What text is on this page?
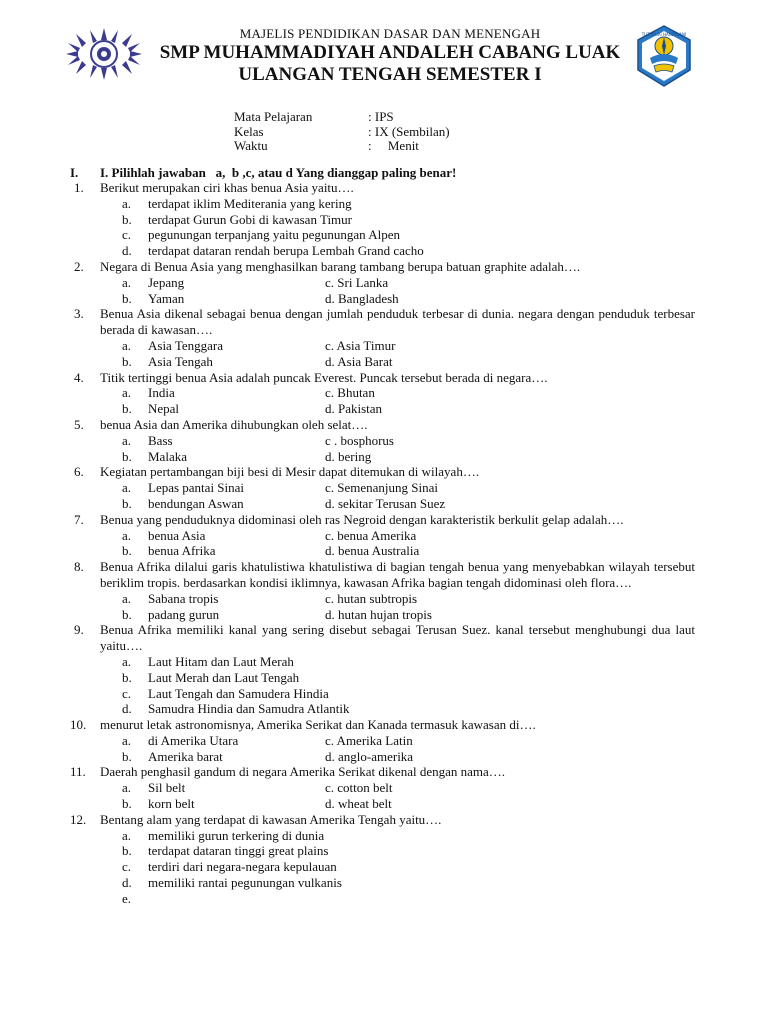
MAJELIS PENDIDIKAN DASAR DAN MENENGAH
SMP MUHAMMADIYAH ANDALEH CABANG LUAK
ULANGAN TENGAH SEMESTER I
TUT WURI HANDAYANI
Mata Pelajaran	: IPS
Kelas	: IX (Sembilan)
Waktu	:     Menit
I. I. Pilihlah jawaban   a,  b ,c, atau d Yang dianggap paling benar!
1. Berikut merupakan ciri khas benua Asia yaitu….
a. terdapat iklim Mediterania yang kering
b. terdapat Gurun Gobi di kawasan Timur
c. pegunungan terpanjang yaitu pegunungan Alpen
d. terdapat dataran rendah berupa Lembah Grand cacho
2. Negara di Benua Asia yang menghasilkan barang tambang berupa batuan graphite adalah….
a. Jepang	c. Sri Lanka
b. Yaman	d. Bangladesh
3. Benua Asia dikenal sebagai benua dengan jumlah penduduk terbesar di dunia. negara dengan penduduk terbesar berada di kawasan….
a. Asia Tenggara	c. Asia Timur
b. Asia Tengah	d. Asia Barat
4. Titik tertinggi benua Asia adalah puncak Everest. Puncak tersebut berada di negara….
a. India	c. Bhutan
b. Nepal	d. Pakistan
5. benua Asia dan Amerika dihubungkan oleh selat….
a. Bass	c . bosphorus
b. Malaka	d. bering
6. Kegiatan pertambangan biji besi di Mesir dapat ditemukan di wilayah….
a. Lepas pantai Sinai	c. Semenanjung Sinai
b. bendungan Aswan	d. sekitar Terusan Suez
7. Benua yang penduduknya didominasi oleh ras Negroid dengan karakteristik berkulit gelap adalah….
a. benua Asia	c. benua Amerika
b. benua Afrika	d. benua Australia
8. Benua Afrika dilalui garis khatulistiwa khatulistiwa di bagian tengah benua yang menyebabkan wilayah tersebut beriklim tropis. berdasarkan kondisi iklimnya, kawasan Afrika bagian tengah didominasi oleh flora….
a. Sabana tropis	c. hutan subtropis
b. padang gurun	d. hutan hujan tropis
9. Benua Afrika memiliki kanal yang sering disebut sebagai Terusan Suez. kanal tersebut menghubungi dua laut yaitu….
a. Laut Hitam dan Laut Merah
b. Laut Merah dan Laut Tengah
c. Laut Tengah dan Samudera Hindia
d. Samudra Hindia dan Samudra Atlantik
10. menurut letak astronomisnya, Amerika Serikat dan Kanada termasuk kawasan di….
a. di Amerika Utara	c. Amerika Latin
b. Amerika barat	d. anglo-amerika
11. Daerah penghasil gandum di negara Amerika Serikat dikenal dengan nama….
a. Sil belt	c. cotton belt
b. korn belt	d. wheat belt
12. Bentang alam yang terdapat di kawasan Amerika Tengah yaitu….
a. memiliki gurun terkering di dunia
b. terdapat dataran tinggi great plains
c. terdiri dari negara-negara kepulauan
d. memiliki rantai pegunungan vulkanis
e.
